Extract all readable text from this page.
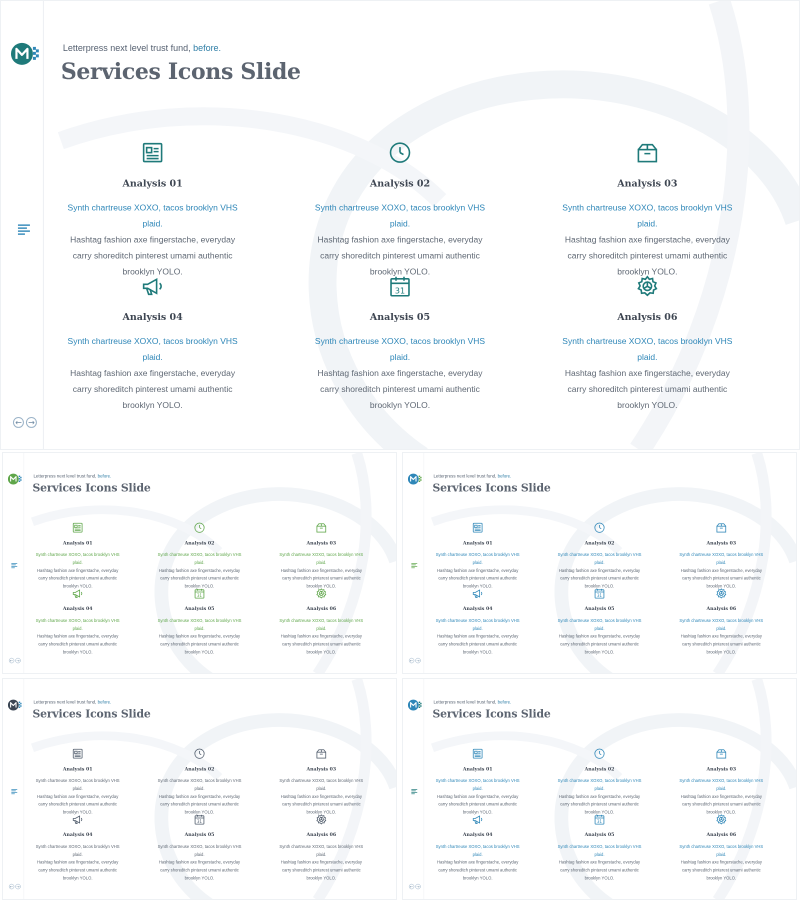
← →
Letterpress next level trust fund, before.
Services Icons Slide
Analysis 01
Synth chartreuse XOXO, tacos brooklyn VHS plaid.
Hashtag fashion axe fingerstache, everyday carry shoreditch pinterest umami authentic brooklyn YOLO.
Analysis 02
Synth chartreuse XOXO, tacos brooklyn VHS plaid.
Hashtag fashion axe fingerstache, everyday carry shoreditch pinterest umami authentic brooklyn YOLO.
Analysis 03
Synth chartreuse XOXO, tacos brooklyn VHS plaid.
Hashtag fashion axe fingerstache, everyday carry shoreditch pinterest umami authentic brooklyn YOLO.
Analysis 04
Synth chartreuse XOXO, tacos brooklyn VHS plaid.
Hashtag fashion axe fingerstache, everyday carry shoreditch pinterest umami authentic brooklyn YOLO.
31
Analysis 05
Synth chartreuse XOXO, tacos brooklyn VHS plaid.
Hashtag fashion axe fingerstache, everyday carry shoreditch pinterest umami authentic brooklyn YOLO.
Analysis 06
Synth chartreuse XOXO, tacos brooklyn VHS plaid.
Hashtag fashion axe fingerstache, everyday carry shoreditch pinterest umami authentic brooklyn YOLO.
← →
Letterpress next level trust fund, before.
Services Icons Slide
Analysis 01
Synth chartreuse XOXO, tacos brooklyn VHS plaid.
Hashtag fashion axe fingerstache, everyday carry shoreditch pinterest umami authentic brooklyn YOLO.
Analysis 02
Synth chartreuse XOXO, tacos brooklyn VHS plaid.
Hashtag fashion axe fingerstache, everyday carry shoreditch pinterest umami authentic brooklyn YOLO.
Analysis 03
Synth chartreuse XOXO, tacos brooklyn VHS plaid.
Hashtag fashion axe fingerstache, everyday carry shoreditch pinterest umami authentic brooklyn YOLO.
Analysis 04
Synth chartreuse XOXO, tacos brooklyn VHS plaid.
Hashtag fashion axe fingerstache, everyday carry shoreditch pinterest umami authentic brooklyn YOLO.
31
Analysis 05
Synth chartreuse XOXO, tacos brooklyn VHS plaid.
Hashtag fashion axe fingerstache, everyday carry shoreditch pinterest umami authentic brooklyn YOLO.
Analysis 06
Synth chartreuse XOXO, tacos brooklyn VHS plaid.
Hashtag fashion axe fingerstache, everyday carry shoreditch pinterest umami authentic brooklyn YOLO.
← →
Letterpress next level trust fund, before.
Services Icons Slide
Analysis 01
Synth chartreuse XOXO, tacos brooklyn VHS plaid.
Hashtag fashion axe fingerstache, everyday carry shoreditch pinterest umami authentic brooklyn YOLO.
Analysis 02
Synth chartreuse XOXO, tacos brooklyn VHS plaid.
Hashtag fashion axe fingerstache, everyday carry shoreditch pinterest umami authentic brooklyn YOLO.
Analysis 03
Synth chartreuse XOXO, tacos brooklyn VHS plaid.
Hashtag fashion axe fingerstache, everyday carry shoreditch pinterest umami authentic brooklyn YOLO.
Analysis 04
Synth chartreuse XOXO, tacos brooklyn VHS plaid.
Hashtag fashion axe fingerstache, everyday carry shoreditch pinterest umami authentic brooklyn YOLO.
31
Analysis 05
Synth chartreuse XOXO, tacos brooklyn VHS plaid.
Hashtag fashion axe fingerstache, everyday carry shoreditch pinterest umami authentic brooklyn YOLO.
Analysis 06
Synth chartreuse XOXO, tacos brooklyn VHS plaid.
Hashtag fashion axe fingerstache, everyday carry shoreditch pinterest umami authentic brooklyn YOLO.
← →
Letterpress next level trust fund, before.
Services Icons Slide
Analysis 01
Synth chartreuse XOXO, tacos brooklyn VHS plaid.
Hashtag fashion axe fingerstache, everyday carry shoreditch pinterest umami authentic brooklyn YOLO.
Analysis 02
Synth chartreuse XOXO, tacos brooklyn VHS plaid.
Hashtag fashion axe fingerstache, everyday carry shoreditch pinterest umami authentic brooklyn YOLO.
Analysis 03
Synth chartreuse XOXO, tacos brooklyn VHS plaid.
Hashtag fashion axe fingerstache, everyday carry shoreditch pinterest umami authentic brooklyn YOLO.
Analysis 04
Synth chartreuse XOXO, tacos brooklyn VHS plaid.
Hashtag fashion axe fingerstache, everyday carry shoreditch pinterest umami authentic brooklyn YOLO.
31
Analysis 05
Synth chartreuse XOXO, tacos brooklyn VHS plaid.
Hashtag fashion axe fingerstache, everyday carry shoreditch pinterest umami authentic brooklyn YOLO.
Analysis 06
Synth chartreuse XOXO, tacos brooklyn VHS plaid.
Hashtag fashion axe fingerstache, everyday carry shoreditch pinterest umami authentic brooklyn YOLO.
← →
Letterpress next level trust fund, before.
Services Icons Slide
Analysis 01
Synth chartreuse XOXO, tacos brooklyn VHS plaid.
Hashtag fashion axe fingerstache, everyday carry shoreditch pinterest umami authentic brooklyn YOLO.
Analysis 02
Synth chartreuse XOXO, tacos brooklyn VHS plaid.
Hashtag fashion axe fingerstache, everyday carry shoreditch pinterest umami authentic brooklyn YOLO.
Analysis 03
Synth chartreuse XOXO, tacos brooklyn VHS plaid.
Hashtag fashion axe fingerstache, everyday carry shoreditch pinterest umami authentic brooklyn YOLO.
Analysis 04
Synth chartreuse XOXO, tacos brooklyn VHS plaid.
Hashtag fashion axe fingerstache, everyday carry shoreditch pinterest umami authentic brooklyn YOLO.
31
Analysis 05
Synth chartreuse XOXO, tacos brooklyn VHS plaid.
Hashtag fashion axe fingerstache, everyday carry shoreditch pinterest umami authentic brooklyn YOLO.
Analysis 06
Synth chartreuse XOXO, tacos brooklyn VHS plaid.
Hashtag fashion axe fingerstache, everyday carry shoreditch pinterest umami authentic brooklyn YOLO.
